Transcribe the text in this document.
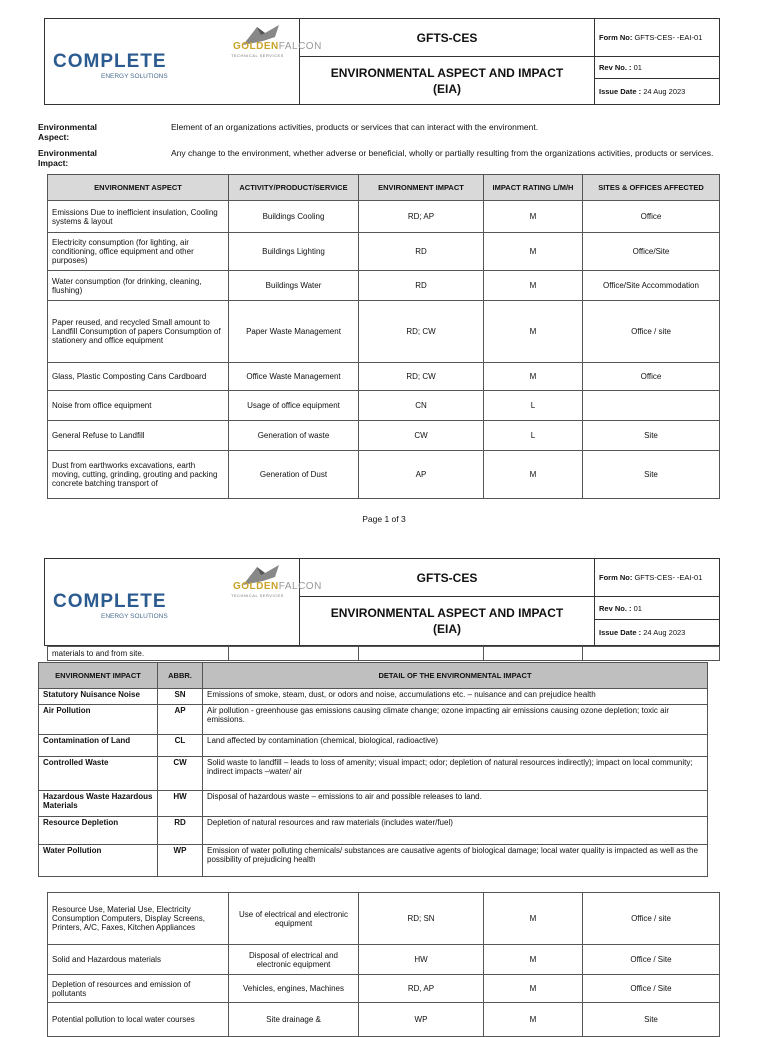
GOLDENFALCON
TECHNICAL SERVICES
COMPLETE
ENERGY SOLUTIONS	GFTS-CES	Form No: GFTS-CES- -EAI-01

	ENVIRONMENTAL ASPECT AND IMPACT
(EIA)	Rev No. : 01
		Issue Date : 24 Aug 2023
Environmental Aspect:
Element of an organizations activities, products or services that can interact with the environment.
Environmental Impact:
Any change to the environment, whether adverse or beneficial, wholly or partially resulting from the organizations activities, products or services.
ENVIRONMENT ASPECT	ACTIVITY/PRODUCT/SERVICE	ENVIRONMENT IMPACT	IMPACT RATING L/M/H	SITES & OFFICES AFFECTED
Emissions Due to inefficient insulation, Cooling systems & layout	Buildings Cooling	RD; AP	M	Office
Electricity consumption (for lighting, air conditioning, office equipment and other purposes)	Buildings Lighting	RD	M	Office/Site
Water consumption (for drinking, cleaning, flushing)	Buildings Water	RD	M	Office/Site Accommodation
Paper reused, and recycled Small amount to Landfill Consumption of papers Consumption of stationery and office equipment	Paper Waste Management	RD; CW	M	Office / site
Glass, Plastic Composting Cans Cardboard	Office Waste Management	RD; CW	M	Office
Noise from office equipment	Usage of office equipment	CN	L	
General Refuse to Landfill	Generation of waste	CW	L	Site
Dust from earthworks excavations, earth moving, cutting, grinding, grouting and packing concrete batching transport of	Generation of Dust	AP	M	Site
Page 1 of 3
GOLDENFALCON
TECHNICAL SERVICES
COMPLETE
ENERGY SOLUTIONS	GFTS-CES	Form No: GFTS-CES- -EAI-01

	ENVIRONMENTAL ASPECT AND IMPACT
(EIA)	Rev No. : 01
		Issue Date : 24 Aug 2023
materials to and from site.				
ENVIRONMENT IMPACT	ABBR.	DETAIL OF THE ENVIRONMENTAL IMPACT
Statutory Nuisance Noise	SN	Emissions of smoke, steam, dust, or odors and noise, accumulations etc. – nuisance and can prejudice health
Air Pollution	AP	Air pollution - greenhouse gas emissions causing climate change; ozone impacting air emissions causing ozone depletion; toxic air emissions.
Contamination of Land	CL	Land affected by contamination (chemical, biological, radioactive)
Controlled Waste	CW	Solid waste to landfill – leads to loss of amenity; visual impact; odor; depletion of natural resources indirectly); impact on local community; indirect impacts –water/ air
Hazardous Waste Hazardous Materials	HW	Disposal of hazardous waste – emissions to air and possible releases to land.
Resource Depletion	RD	Depletion of natural resources and raw materials (includes water/fuel)
Water Pollution	WP	Emission of water polluting chemicals/ substances are causative agents of biological damage; local water quality is impacted as well as the possibility of prejudicing health
Resource Use, Material Use, Electricity Consumption Computers, Display Screens, Printers, A/C, Faxes, Kitchen Appliances	Use of electrical and electronic equipment	RD; SN	M	Office / site
Solid and Hazardous materials	Disposal of electrical and electronic equipment	HW	M	Office / Site
Depletion of resources and emission of pollutants	Vehicles, engines, Machines	RD, AP	M	Office / Site
Potential pollution to local water courses	Site drainage &	WP	M	Site
